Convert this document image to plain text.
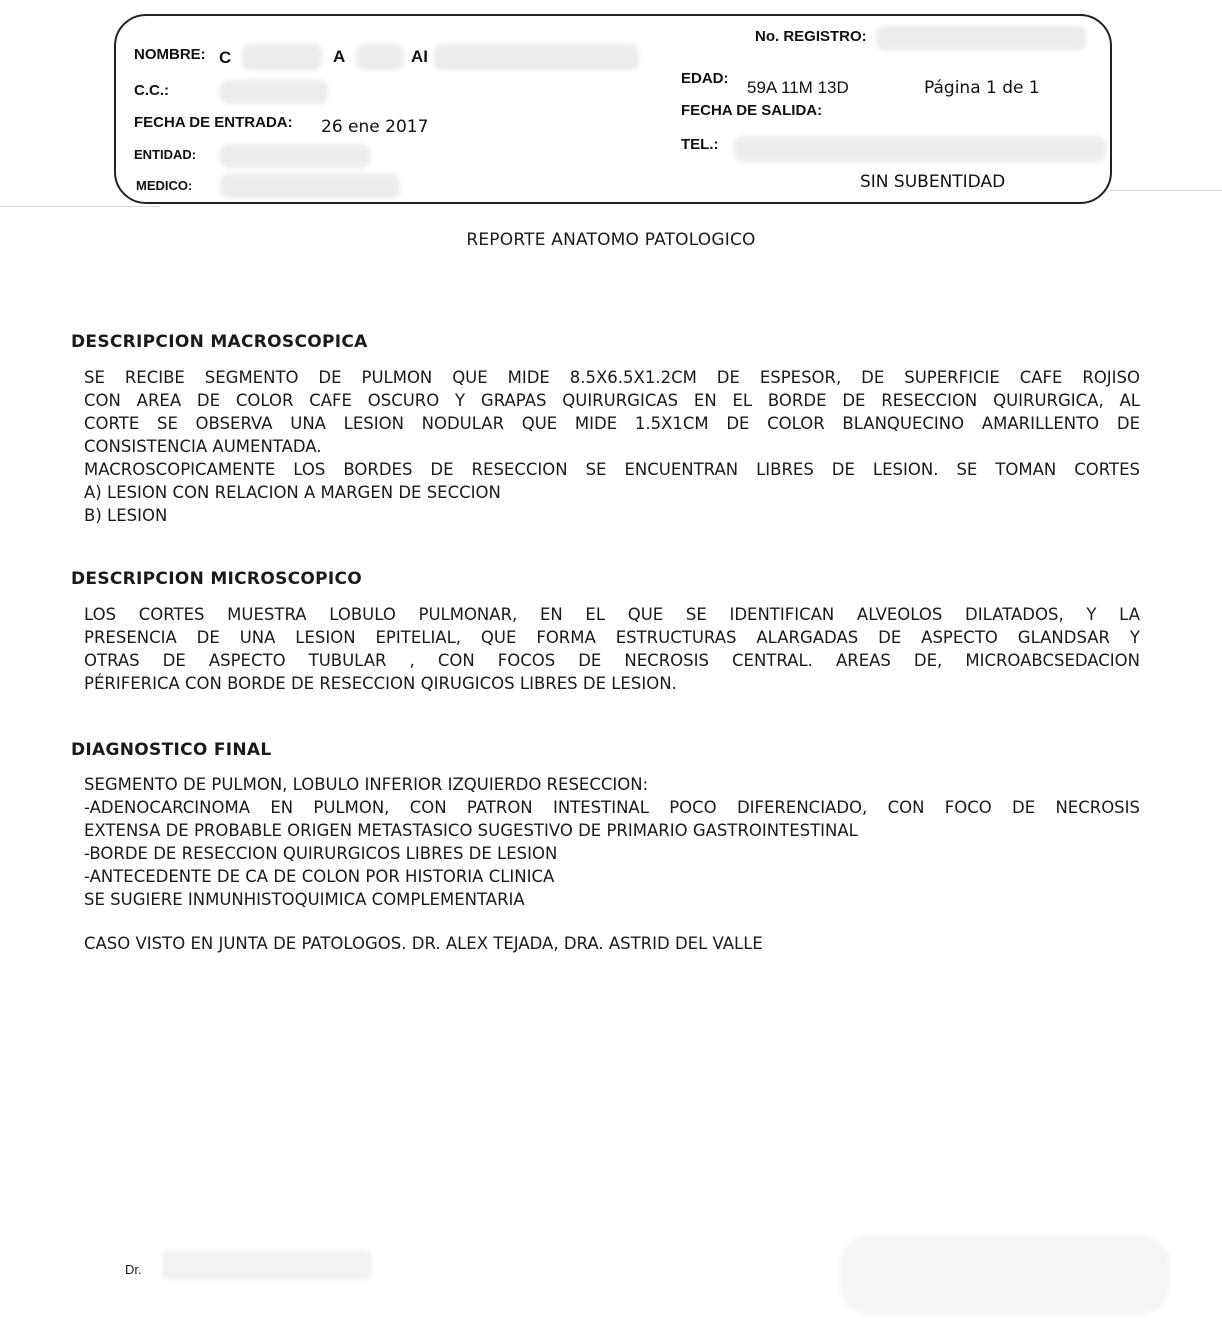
NOMBRE: C	A	AI
No. REGISTRO:
C.C.:
EDAD: 59A 11M 13D	Página 1 de 1
FECHA DE SALIDA:
FECHA DE ENTRADA: 26 ene 2017
TEL.:
ENTIDAD:
MEDICO:	SIN SUBENTIDAD
REPORTE ANATOMO PATOLOGICO
DESCRIPCION MACROSCOPICA
SE RECIBE SEGMENTO DE PULMON QUE MIDE 8.5X6.5X1.2CM DE ESPESOR, DE SUPERFICIE CAFE ROJISO
CON AREA DE COLOR CAFE OSCURO Y GRAPAS QUIRURGICAS EN EL BORDE DE RESECCION QUIRURGICA, AL
CORTE SE OBSERVA UNA LESION NODULAR QUE MIDE 1.5X1CM DE COLOR BLANQUECINO AMARILLENTO DE
CONSISTENCIA AUMENTADA.
MACROSCOPICAMENTE LOS BORDES DE RESECCION SE ENCUENTRAN LIBRES DE LESION. SE TOMAN CORTES
A) LESION CON RELACION A MARGEN DE SECCION
B) LESION
DESCRIPCION MICROSCOPICO
LOS CORTES MUESTRA LOBULO PULMONAR, EN EL QUE SE IDENTIFICAN ALVEOLOS DILATADOS, Y LA
PRESENCIA DE UNA LESION EPITELIAL, QUE FORMA ESTRUCTURAS ALARGADAS DE ASPECTO GLANDSAR Y
OTRAS DE ASPECTO TUBULAR , CON FOCOS DE NECROSIS CENTRAL. AREAS DE, MICROABCSEDACION
PÉRIFERICA CON BORDE DE RESECCION QIRUGICOS LIBRES DE LESION.
DIAGNOSTICO FINAL
SEGMENTO DE PULMON, LOBULO INFERIOR IZQUIERDO RESECCION:
-ADENOCARCINOMA EN PULMON, CON PATRON INTESTINAL POCO DIFERENCIADO, CON FOCO DE NECROSIS
EXTENSA DE PROBABLE ORIGEN METASTASICO SUGESTIVO DE PRIMARIO GASTROINTESTINAL
-BORDE DE RESECCION QUIRURGICOS LIBRES DE LESION
-ANTECEDENTE DE CA DE COLON POR HISTORIA CLINICA
SE SUGIERE INMUNHISTOQUIMICA COMPLEMENTARIA
CASO VISTO EN JUNTA DE PATOLOGOS. DR. ALEX TEJADA, DRA. ASTRID DEL VALLE
Dr.
